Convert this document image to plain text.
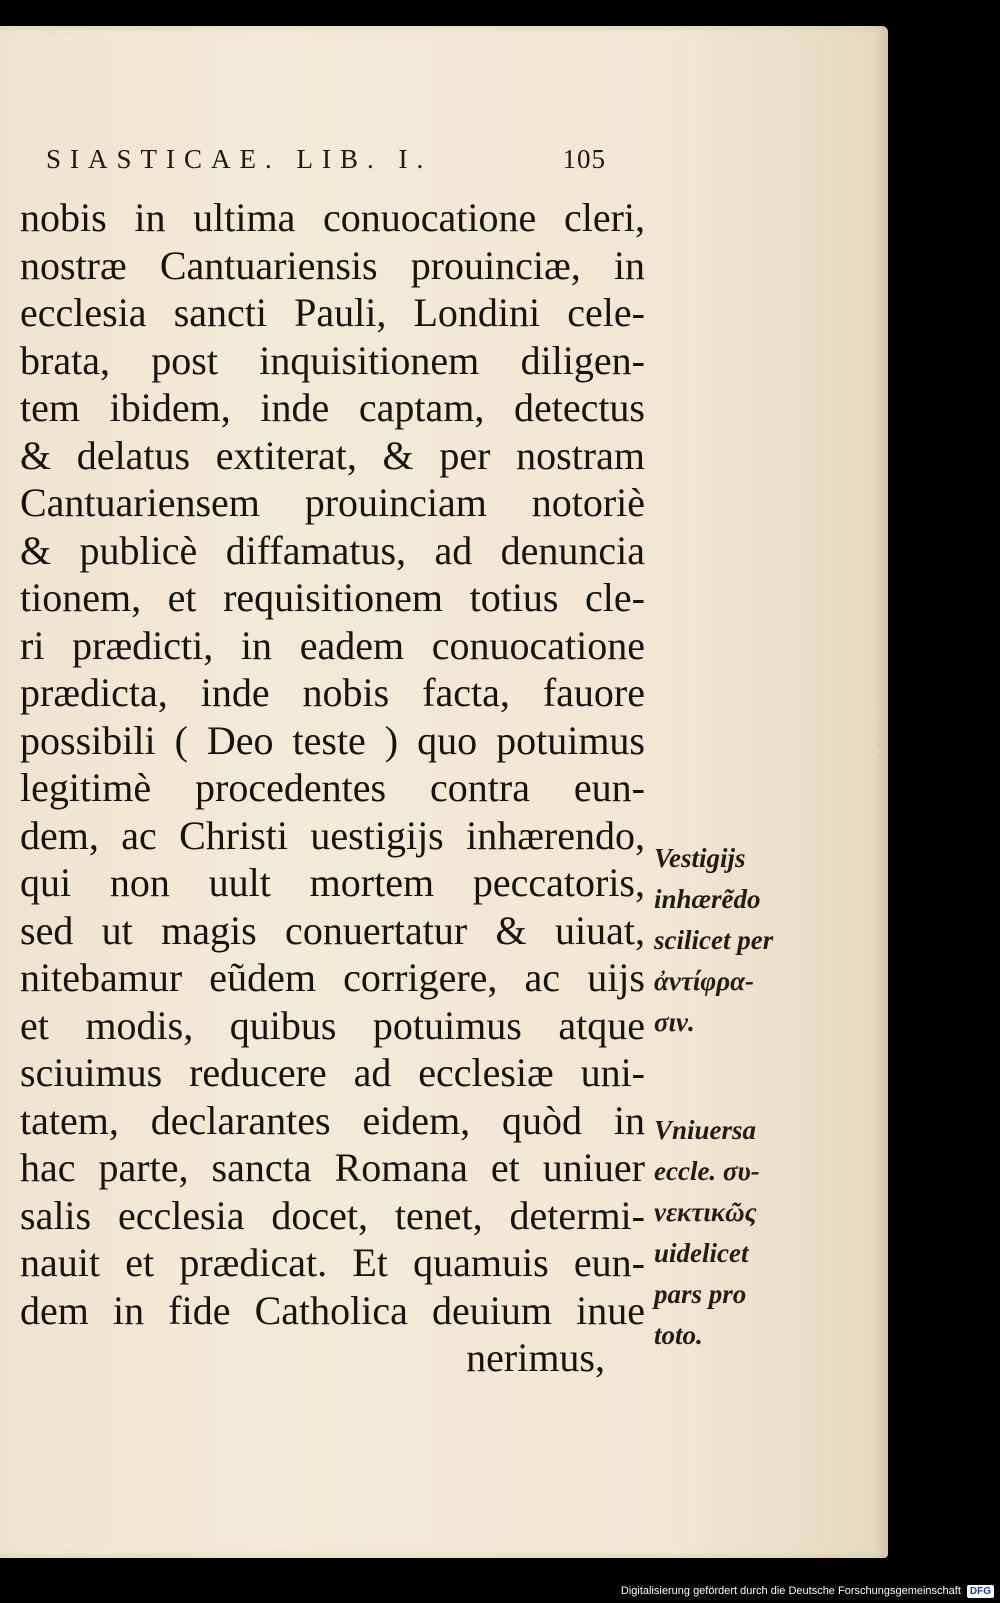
SIASTICAE. LIB. I.	105
nobis in ultima conuocatione cleri,
nostræ Cantuariensis prouinciæ, in
ecclesia sancti Pauli, Londini cele-
brata, post inquisitionem diligen-
tem ibidem, inde captam, detectus
& delatus extiterat, & per nostram
Cantuariensem prouinciam notoriè
& publicè diffamatus, ad denuncia
tionem, et requisitionem totius cle-
ri prædicti, in eadem conuocatione
prædicta, inde nobis facta, fauore
possibili ( Deo teste ) quo potuimus
legitimè procedentes contra eun-
dem, ac Christi uestigijs inhærendo,
qui non uult mortem peccatoris,
sed ut magis conuertatur & uiuat,
nitebamur eũdem corrigere, ac uijs
et modis, quibus potuimus atque
sciuimus reducere ad ecclesiæ uni-
tatem, declarantes eidem, quòd in
hac parte, sancta Romana et uniuer
salis ecclesia docet, tenet, determi-
nauit et prædicat. Et quamuis eun-
dem in fide Catholica deuium inue
nerimus,
Vestigijs
inhærẽdo
scilicet per
ἀντίφρα-
σιν.
Vniuersa
eccle. συ-
νεκτικῶς
uidelicet
pars pro
toto.
· · · · ·
Digitalisierung gefördert durch die Deutsche Forschungsgemeinschaft DFG
